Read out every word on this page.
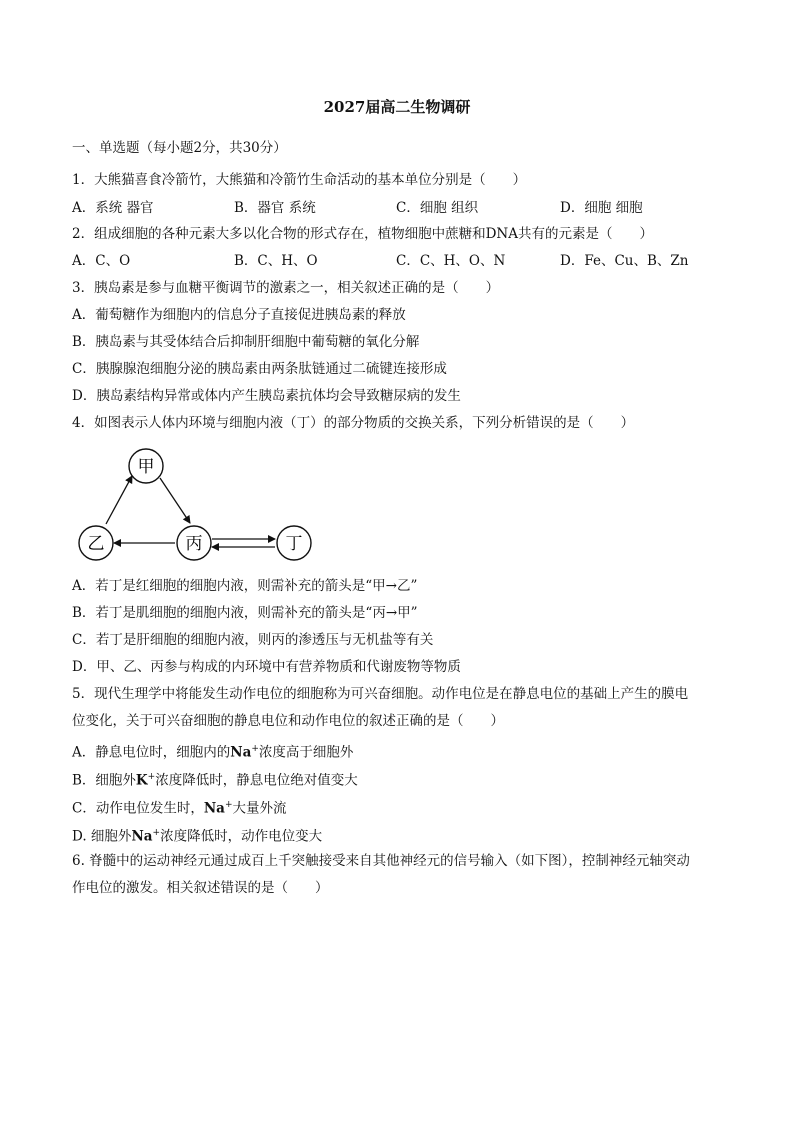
2027届高二生物调研
一、单选题（每小题2分，共30分）
1．大熊猫喜食冷箭竹，大熊猫和冷箭竹生命活动的基本单位分别是（　　）
A．系统 器官	B．器官 系统	C．细胞 组织	D．细胞 细胞
2．组成细胞的各种元素大多以化合物的形式存在，植物细胞中蔗糖和DNA共有的元素是（　　）
A．C、O	B．C、H、O	C．C、H、O、N	D．Fe、Cu、B、Zn
3．胰岛素是参与血糖平衡调节的激素之一，相关叙述正确的是（　　）
A．葡萄糖作为细胞内的信息分子直接促进胰岛素的释放
B．胰岛素与其受体结合后抑制肝细胞中葡萄糖的氧化分解
C．胰腺腺泡细胞分泌的胰岛素由两条肽链通过二硫键连接形成
D．胰岛素结构异常或体内产生胰岛素抗体均会导致糖尿病的发生
4．如图表示人体内环境与细胞内液（丁）的部分物质的交换关系，下列分析错误的是（　　）
甲
乙	丙	丁
A．若丁是红细胞的细胞内液，则需补充的箭头是“甲→乙”
B．若丁是肌细胞的细胞内液，则需补充的箭头是“丙→甲”
C．若丁是肝细胞的细胞内液，则丙的渗透压与无机盐等有关
D．甲、乙、丙参与构成的内环境中有营养物质和代谢废物等物质
5．现代生理学中将能发生动作电位的细胞称为可兴奋细胞。动作电位是在静息电位的基础上产生的膜电
位变化，关于可兴奋细胞的静息电位和动作电位的叙述正确的是（　　）
A．静息电位时，细胞内的Na+浓度高于细胞外
B．细胞外K+浓度降低时，静息电位绝对值变大
C．动作电位发生时，Na+大量外流
D. 细胞外Na+浓度降低时，动作电位变大
6. 脊髓中的运动神经元通过成百上千突触接受来自其他神经元的信号输入（如下图），控制神经元轴突动
作电位的激发。相关叙述错误的是（　　）
